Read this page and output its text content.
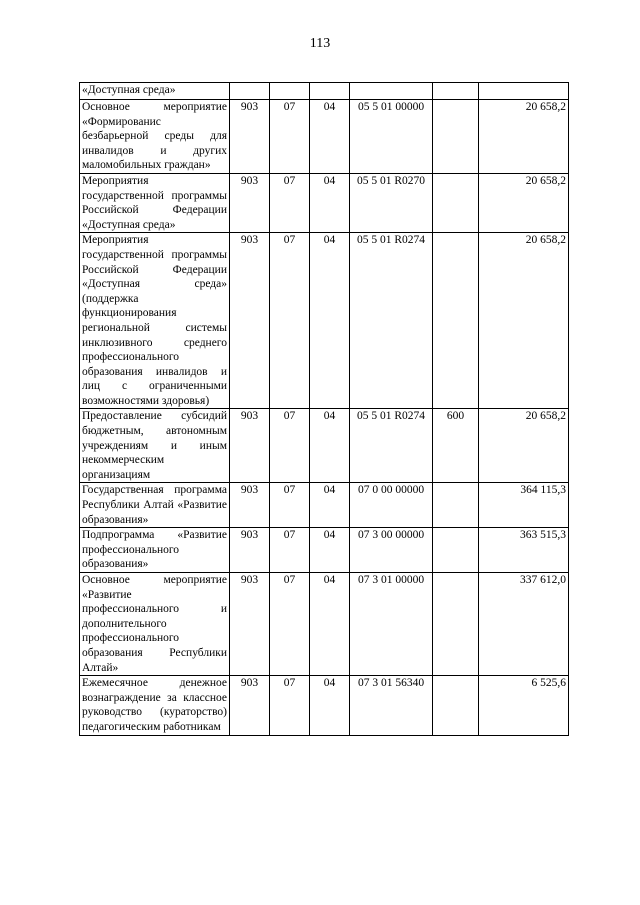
113
«Доступная среда»						
Основное мероприятие «Формированис безбарьерной среды для инвалидов и других маломобильных граждан»	903	07	04	05 5 01 00000		20 658,2
Мероприятия государственной программы Российской Федерации «Доступная среда»	903	07	04	05 5 01 R0270		20 658,2
Мероприятия государственной программы Российской Федерации «Доступная среда» (поддержка функционирования региональной системы инклюзивного среднего профессионального образования инвалидов и лиц с ограниченными возможностями здоровья)	903	07	04	05 5 01 R0274		20 658,2
Предоставление субсидий бюджетным, автономным учреждениям и иным некоммерческим организациям	903	07	04	05 5 01 R0274	600	20 658,2
Государственная программа Республики Алтай «Развитие образования»	903	07	04	07 0 00 00000		364 115,3
Подпрограмма «Развитие профессионального образования»	903	07	04	07 3 00 00000		363 515,3
Основное мероприятие «Развитие профессионального и дополнительного профессионального образования Республики Алтай»	903	07	04	07 3 01 00000		337 612,0
Ежемесячное денежное вознаграждение за классное руководство (кураторство) педагогическим работникам	903	07	04	07 3 01 56340		6 525,6
